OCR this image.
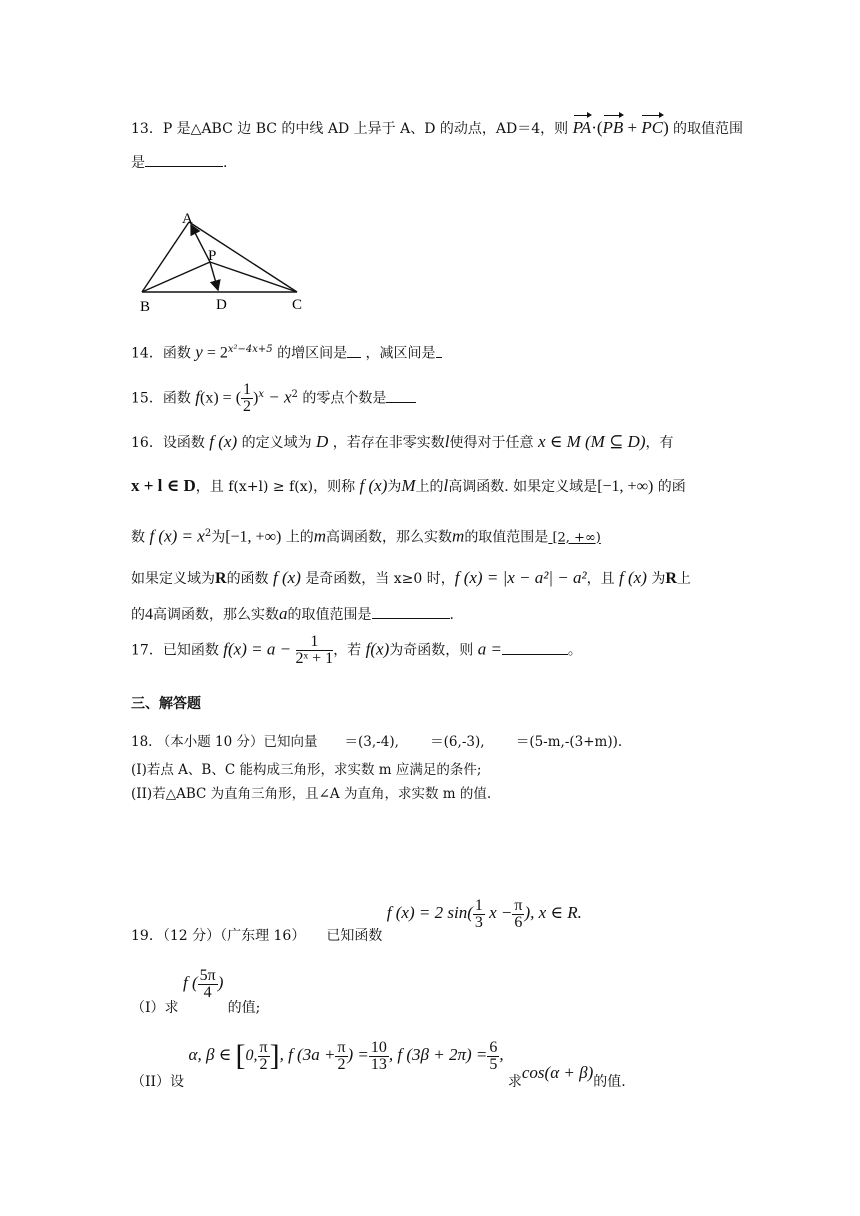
13．P 是△ABC 边 BC 的中线 AD 上异于 A、D 的动点，AD＝4，则 PA·(PB + PC) 的取值范围
是	.
A
P
B	D	C
14．函数 $y = 2^{x^2-4x+5}$ 的增区间是 ，减区间是
15．函数 f(x) = ( $\frac{1}{2} )^x - x^2$ 的零点个数是
16．设函数 f (x) 的定义域为 D ，若存在非零实数l使得对于任意 x ∈ M (M ⊆ D)，有
x + l ∈ D，且 f(x+l) ≥ f(x)，则称 f (x)为M上的l高调函数. 如果定义域是[−1, +∞) 的函
数 f $(x) = x^2$为[−1, +∞) 上的m高调函数，那么实数m的取值范围是 [2, +∞)
如果定义域为R的函数 f (x) 是奇函数，当 x≥0 时，f (x) = |x − a²| − a²，且 f (x) 为R上
的4高调函数，那么实数a的取值范围是	.
17．已知函数 $f(x) = a - \frac{1}{\text{2ˣ + 1}}$ ，若 f(x)为奇函数，则 a =	。
三、解答题
18. （本小题 10 分）已知向量　　＝(3,-4),　　 ＝(6,-3),　　 ＝(5-m,-(3+m)).
(I)若点 A、B、C 能构成三角形，求实数 m 应满足的条件;
(II)若△ABC 为直角三角形，且∠A 为直角，求实数 m 的值.
19．（12 分）（广东理 16）　　已知函数 f (x) = 2 $\sin( \frac{1}{3}$ $x - \frac{\pi}{6}$ ), x ∈ R.
（I）求 f ( $\frac{5\pi}{4}$ ) 的值;
（II）设 α, β ∈ [0, $\frac{\pi}{2}$ ], f ($3a + \frac{\pi}{2}$ ) = $\frac{10}{13}$ , f $(3\beta + 2\pi) = \frac{6}{5}$ , 求cos(α + β)的值.
